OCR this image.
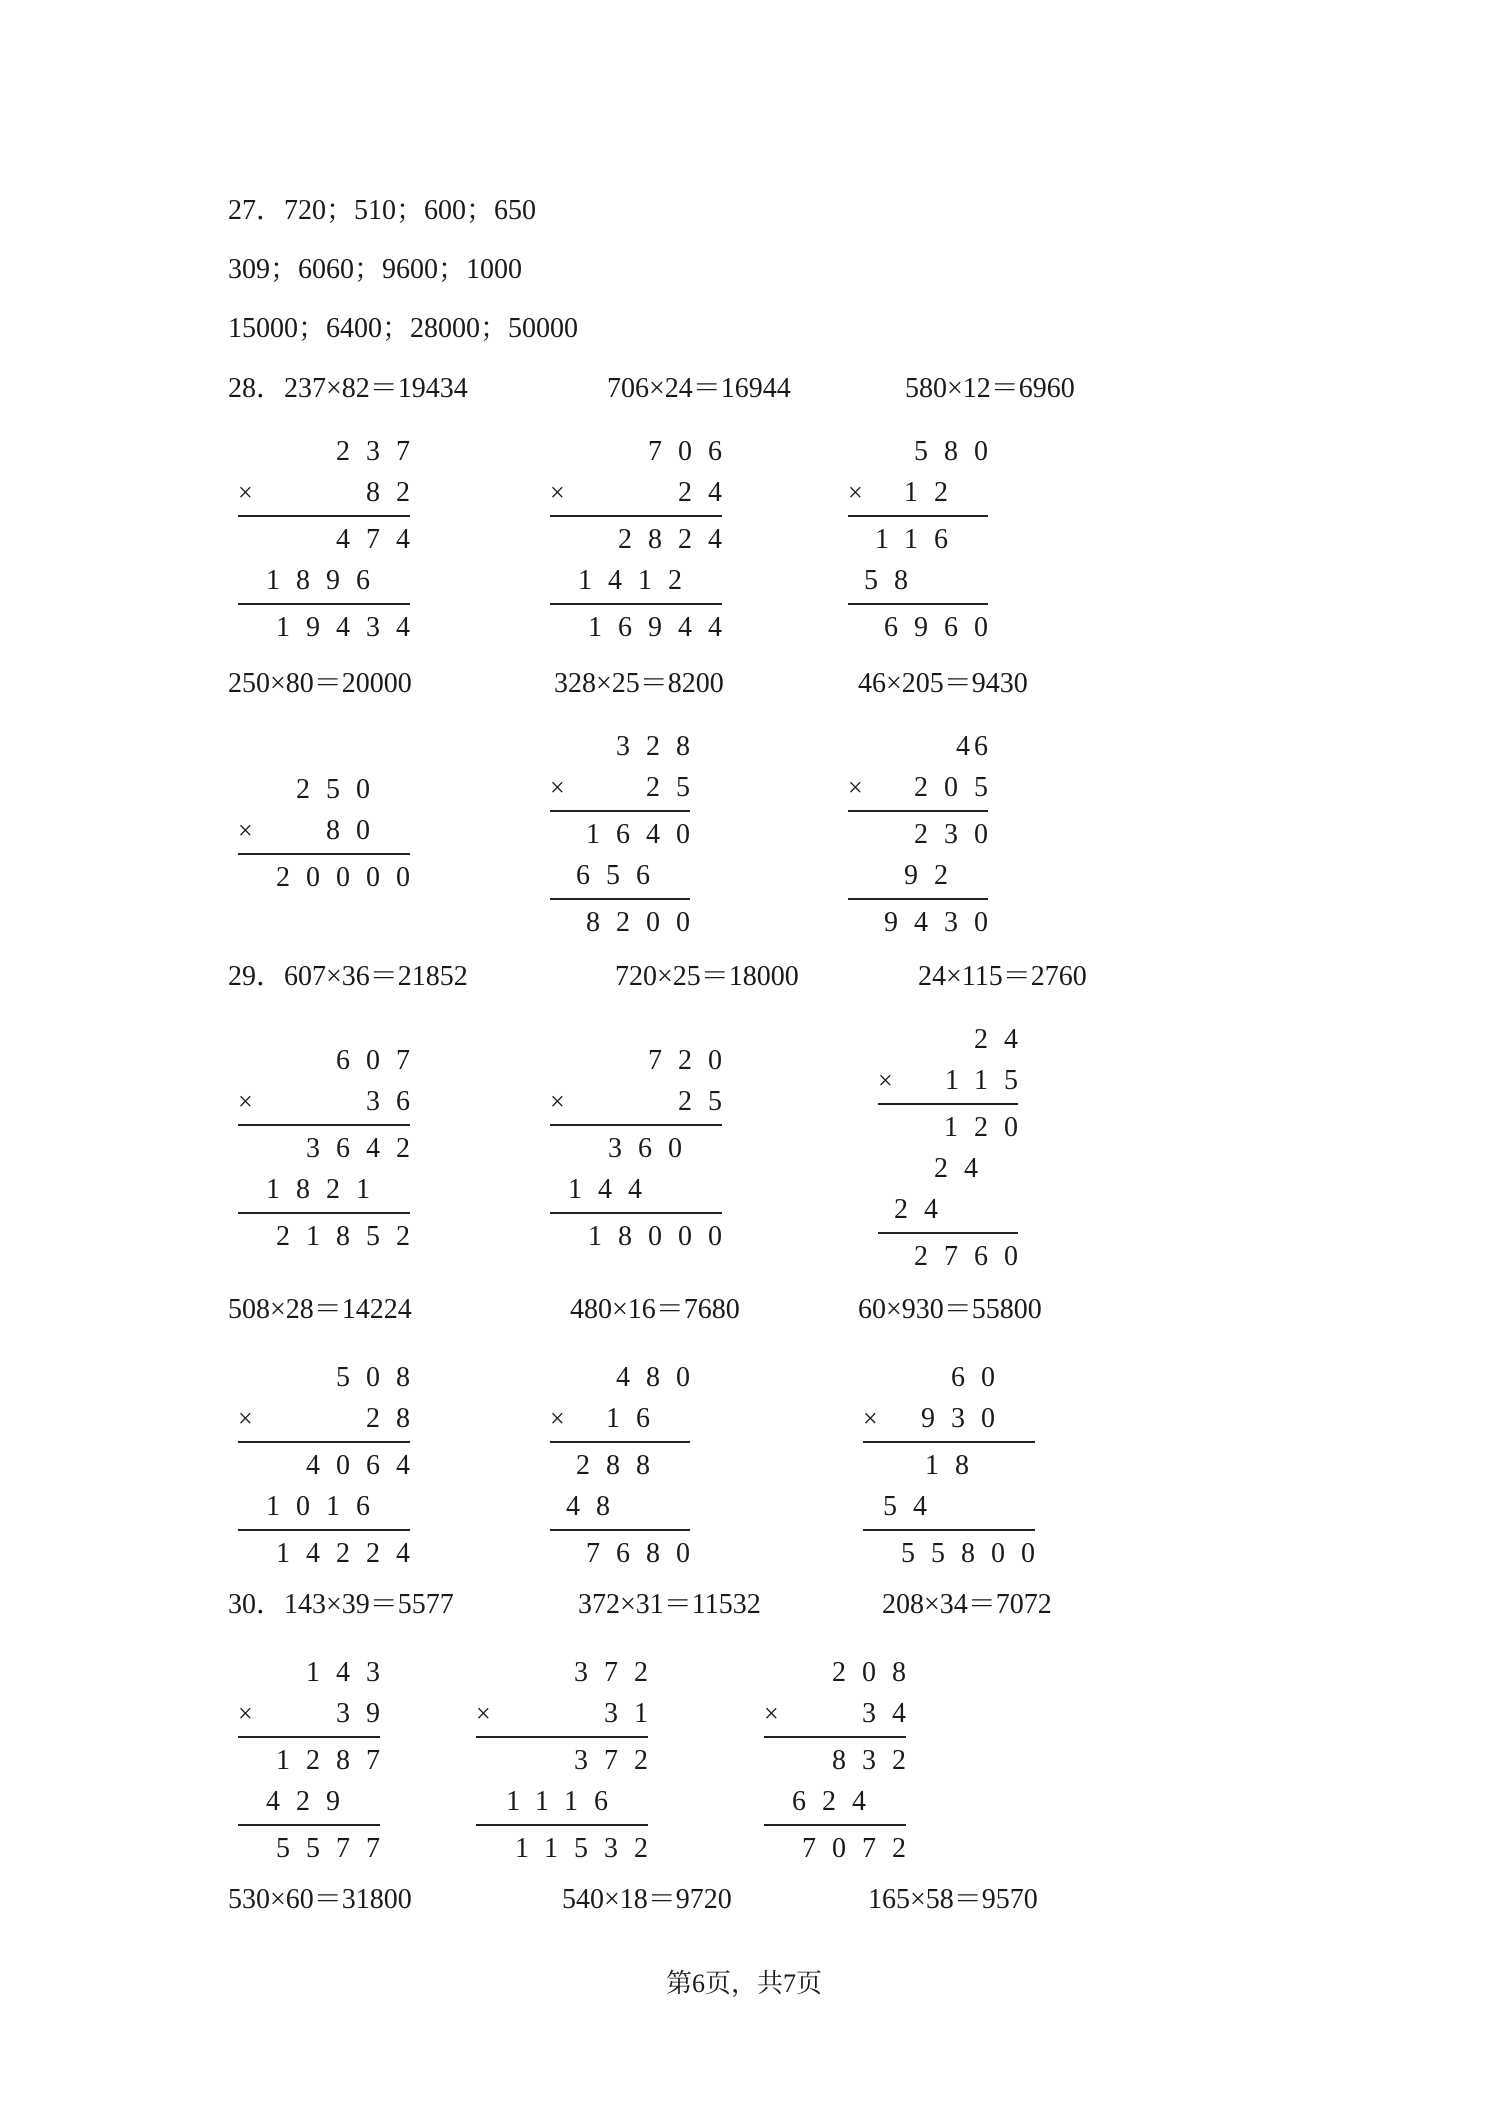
27．720；510；600；650
309；6060；9600；1000
15000；6400；28000；50000
28．237×82＝19434	706×24＝16944	580×12＝6960
237
×	82
474
1896
19434
706
×	24
2824
1412
16944
580
× 12
116
58
6960
250×80＝20000	328×25＝8200	46×205＝9430
250
×	80
20000
328
×	25
1640
656
8200
46
× 205
230
92
9430
29．607×36＝21852	720×25＝18000	24×115＝2760
607
×	36
3642
1821
21852
720
×	25
360
144
18000
24
× 115
120
24
24
2760
508×28＝14224	480×16＝7680	60×930＝55800
508
×	28
4064
1016
14224
480
× 16
288
48
7680
60
× 930
18
54
55800
30．143×39＝5577	372×31＝11532	208×34＝7072
143
×	39
1287
429
5577
372
×	31
372
1116
11532
208
×	34
832
624
7072
530×60＝31800	540×18＝9720	165×58＝9570
第6页，共7页
